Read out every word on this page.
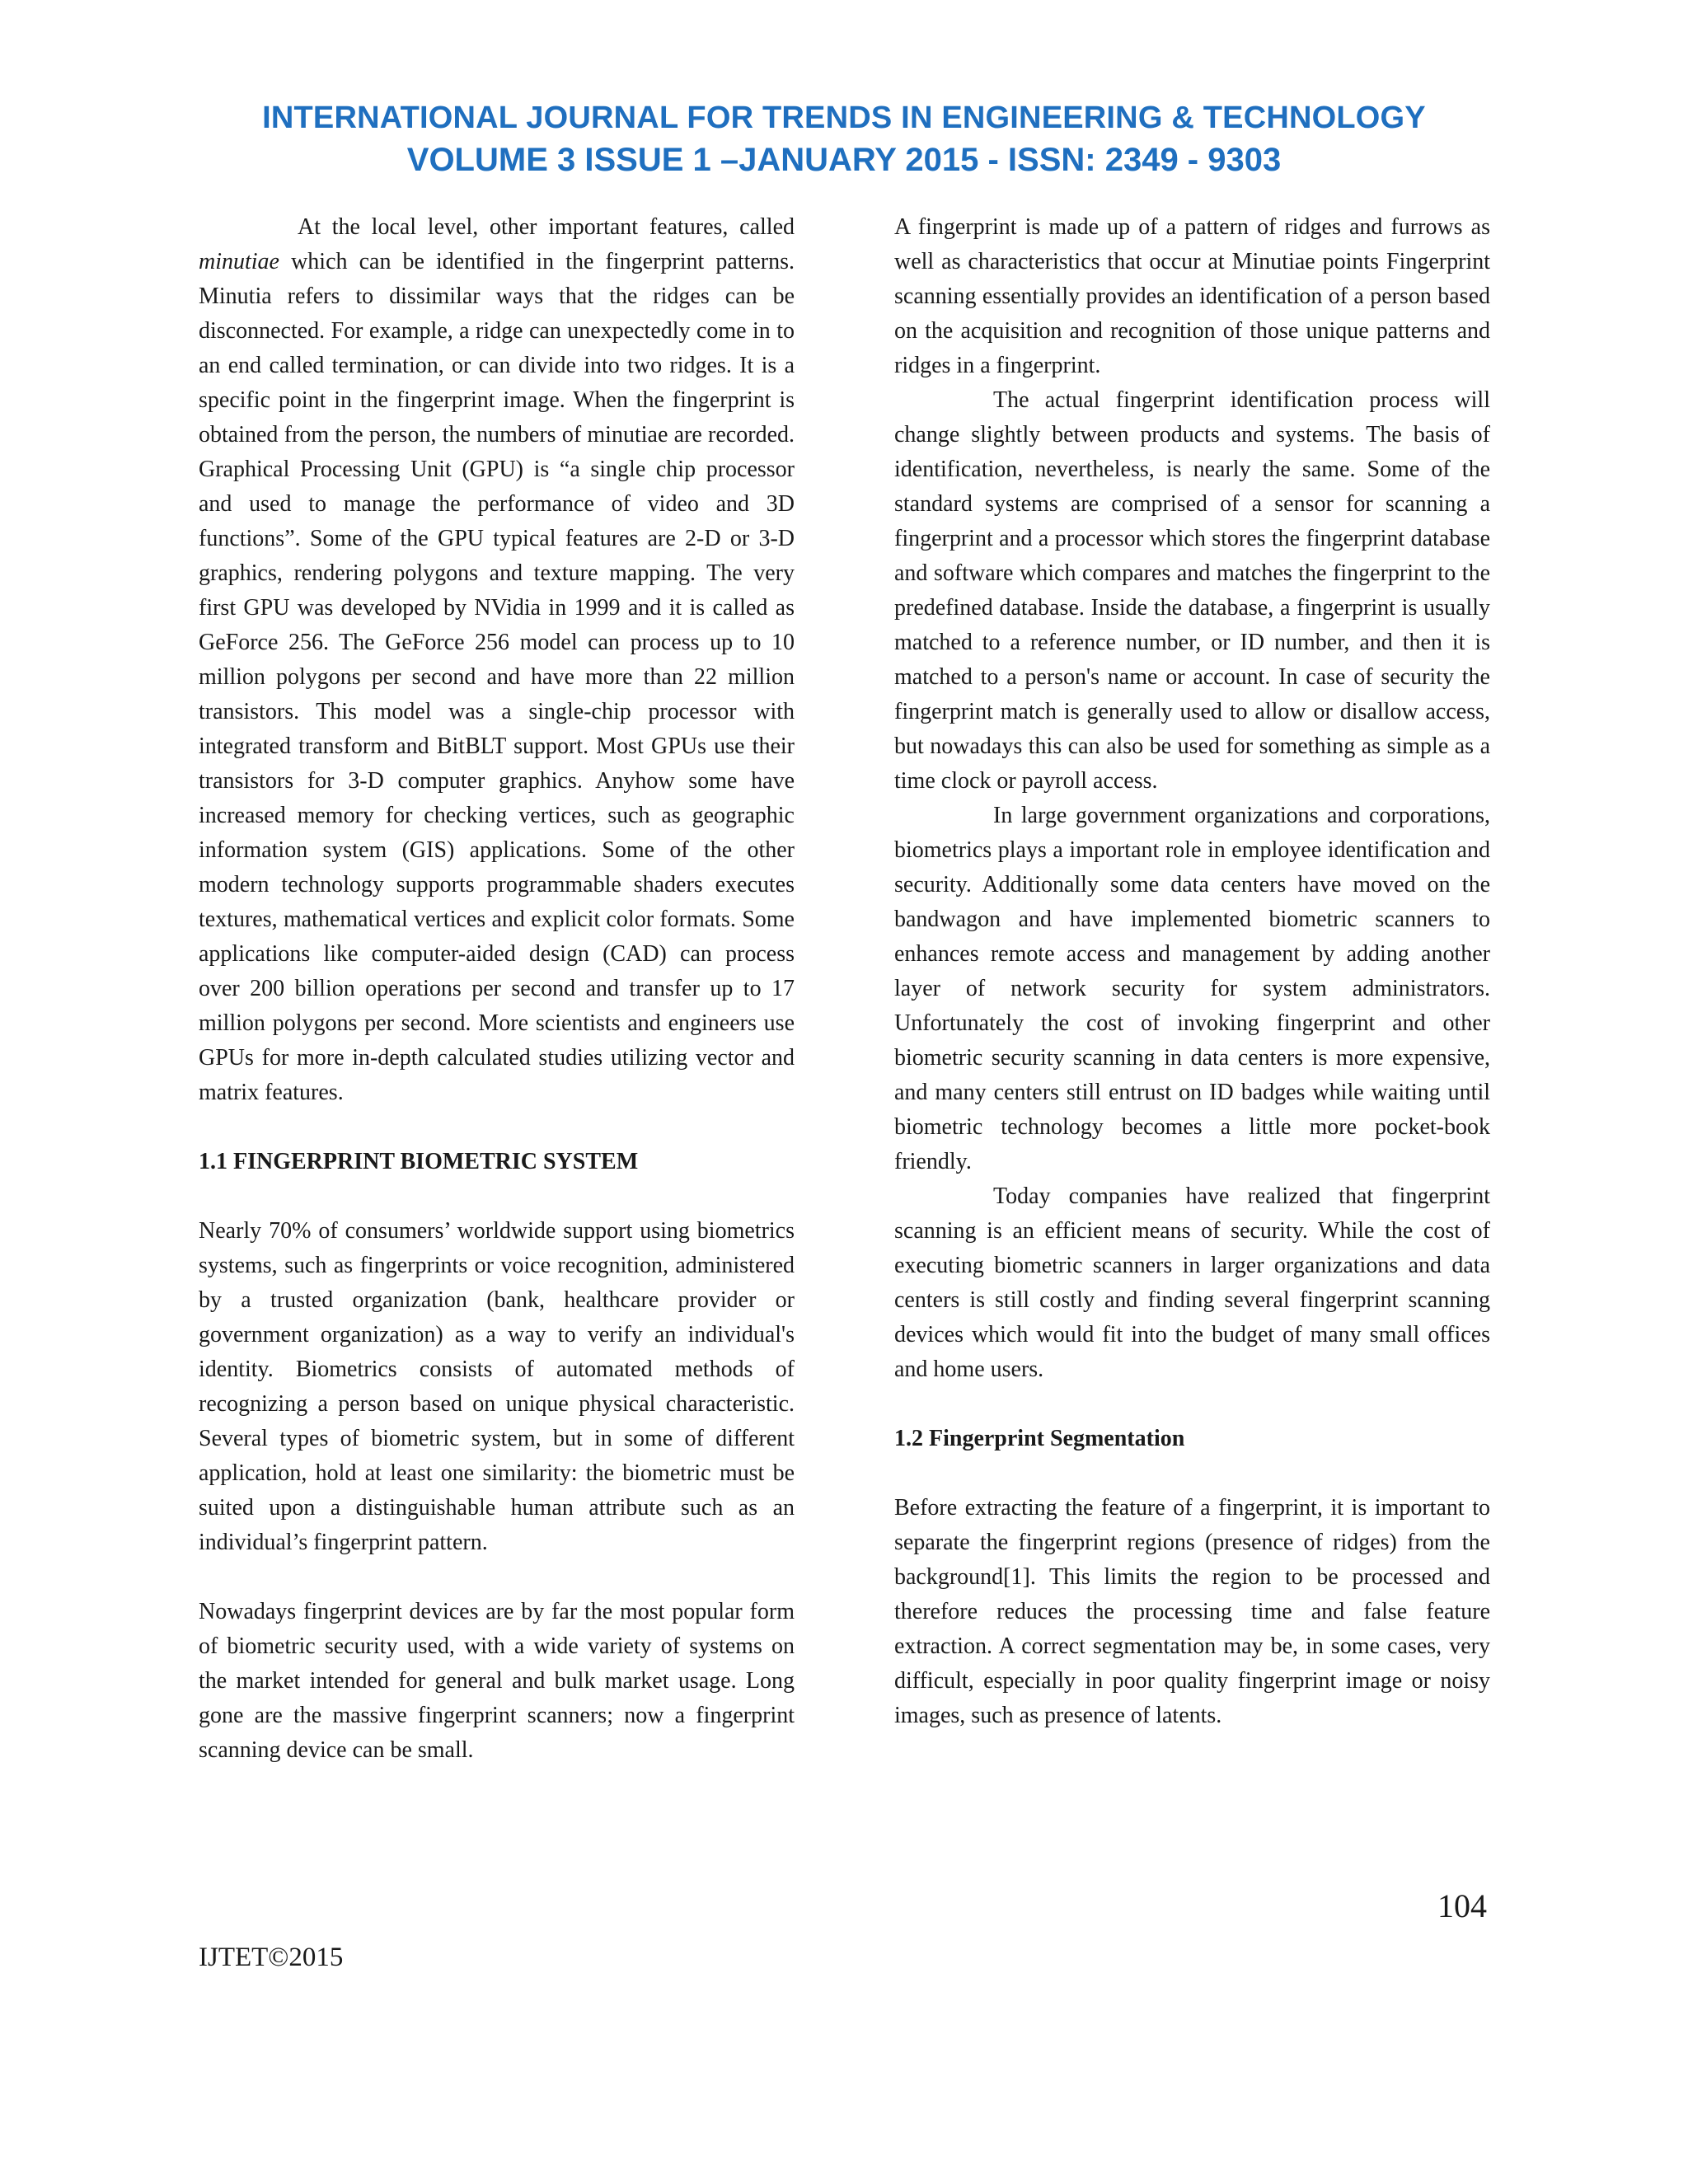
INTERNATIONAL JOURNAL FOR TRENDS IN ENGINEERING & TECHNOLOGY
VOLUME 3 ISSUE 1 –JANUARY 2015 - ISSN: 2349 - 9303

At the local level, other important features, called minutiae which can be identified in the fingerprint patterns. Minutia refers to dissimilar ways that the ridges can be disconnected. For example, a ridge can unexpectedly come in to an end called termination, or can divide into two ridges. It is a specific point in the fingerprint image. When the fingerprint is obtained from the person, the numbers of minutiae are recorded. Graphical Processing Unit (GPU) is “a single chip processor and used to manage the performance of video and 3D functions”. Some of the GPU typical features are 2-D or 3-D graphics, rendering polygons and texture mapping. The very first GPU was developed by NVidia in 1999 and it is called as GeForce 256. The GeForce 256 model can process up to 10 million polygons per second and have more than 22 million transistors. This model was a single-chip processor with integrated transform and BitBLT support. Most GPUs use their transistors for 3-D computer graphics. Anyhow some have increased memory for checking vertices, such as geographic information system (GIS) applications. Some of the other modern technology supports programmable shaders executes textures, mathematical vertices and explicit color formats. Some applications like computer-aided design (CAD) can process over 200 billion operations per second and transfer up to 17 million polygons per second. More scientists and engineers use GPUs for more in-depth calculated studies utilizing vector and matrix features.

1.1 FINGERPRINT BIOMETRIC SYSTEM

Nearly 70% of consumers’ worldwide support using biometrics systems, such as fingerprints or voice recognition, administered by a trusted organization (bank, healthcare provider or government organization) as a way to verify an individual's identity. Biometrics consists of automated methods of recognizing a person based on unique physical characteristic. Several types of biometric system, but in some of different application, hold at least one similarity: the biometric must be suited upon a distinguishable human attribute such as an individual’s fingerprint pattern.

Nowadays fingerprint devices are by far the most popular form of biometric security used, with a wide variety of systems on the market intended for general and bulk market usage. Long gone are the massive fingerprint scanners; now a fingerprint scanning device can be small.

A fingerprint is made up of a pattern of ridges and furrows as well as characteristics that occur at Minutiae points Fingerprint scanning essentially provides an identification of a person based on the acquisition and recognition of those unique patterns and ridges in a fingerprint.

The actual fingerprint identification process will change slightly between products and systems. The basis of identification, nevertheless, is nearly the same. Some of the standard systems are comprised of a sensor for scanning a fingerprint and a processor which stores the fingerprint database and software which compares and matches the fingerprint to the predefined database. Inside the database, a fingerprint is usually matched to a reference number, or ID number, and then it is matched to a person's name or account. In case of security the fingerprint match is generally used to allow or disallow access, but nowadays this can also be used for something as simple as a time clock or payroll access.

In large government organizations and corporations, biometrics plays a important role in employee identification and security. Additionally some data centers have moved on the bandwagon and have implemented biometric scanners to enhances remote access and management by adding another layer of network security for system administrators. Unfortunately the cost of invoking fingerprint and other biometric security scanning in data centers is more expensive, and many centers still entrust on ID badges while waiting until biometric technology becomes a little more pocket-book friendly.

Today companies have realized that fingerprint scanning is an efficient means of security. While the cost of executing biometric scanners in larger organizations and data centers is still costly and finding several fingerprint scanning devices which would fit into the budget of many small offices and home users.

1.2 Fingerprint Segmentation

Before extracting the feature of a fingerprint, it is important to separate the fingerprint regions (presence of ridges) from the background[1]. This limits the region to be processed and therefore reduces the processing time and false feature extraction. A correct segmentation may be, in some cases, very difficult, especially in poor quality fingerprint image or noisy images, such as presence of latents.

104
IJTET©2015
